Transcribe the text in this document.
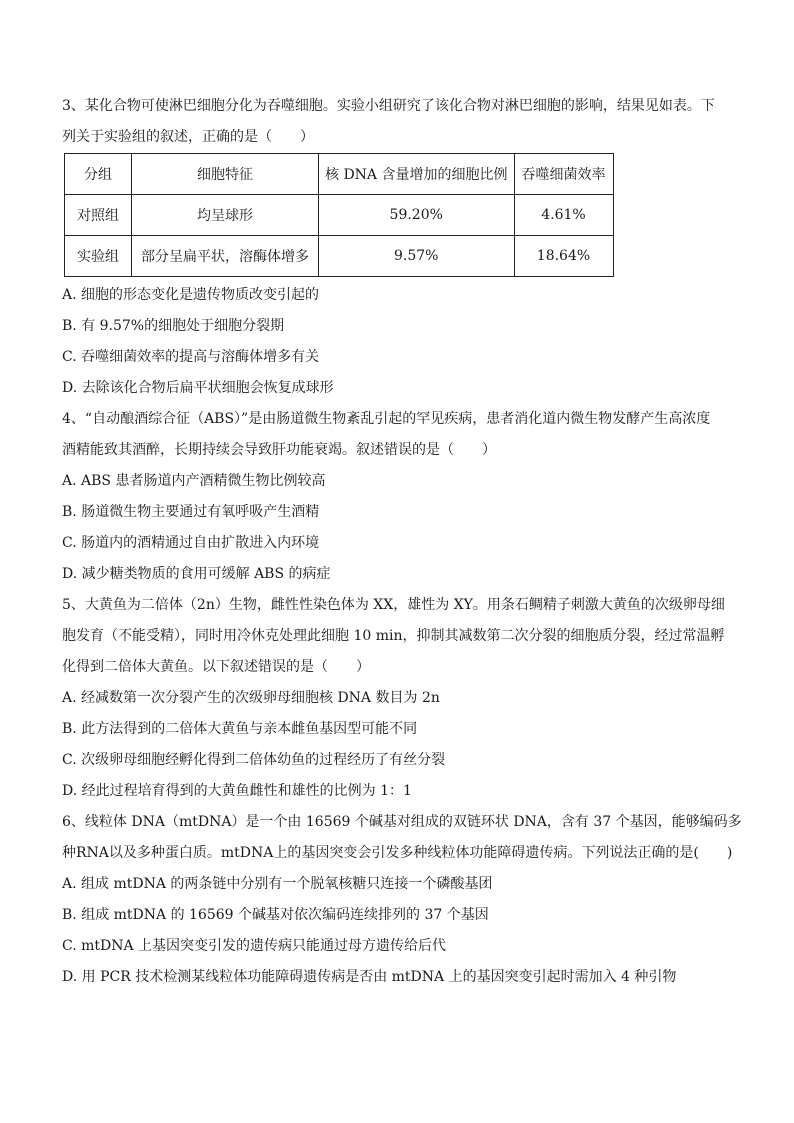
3、某化合物可使淋巴细胞分化为吞噬细胞。实验小组研究了该化合物对淋巴细胞的影响，结果见如表。下
列关于实验组的叙述，正确的是（　　）
分组	细胞特征	核 DNA 含量增加的细胞比例	吞噬细菌效率
对照组	均呈球形	59.20%	4.61%
实验组	部分呈扁平状，溶酶体增多	9.57%	18.64%
A. 细胞的形态变化是遗传物质改变引起的
B. 有 9.57%的细胞处于细胞分裂期
C. 吞噬细菌效率的提高与溶酶体增多有关
D. 去除该化合物后扁平状细胞会恢复成球形
4、“自动酿酒综合征（ABS）”是由肠道微生物紊乱引起的罕见疾病，患者消化道内微生物发酵产生高浓度
酒精能致其酒醉，长期持续会导致肝功能衰竭。叙述错误的是（　　）
A. ABS 患者肠道内产酒精微生物比例较高
B. 肠道微生物主要通过有氧呼吸产生酒精
C. 肠道内的酒精通过自由扩散进入内环境
D. 减少糖类物质的食用可缓解 ABS 的病症
5、大黄鱼为二倍体（2n）生物，雌性性染色体为 XX，雄性为 XY。用条石鲷精子刺激大黄鱼的次级卵母细
胞发育（不能受精），同时用冷休克处理此细胞 10 min，抑制其减数第二次分裂的细胞质分裂，经过常温孵
化得到二倍体大黄鱼。以下叙述错误的是（　　）
A. 经减数第一次分裂产生的次级卵母细胞核 DNA 数目为 2n
B. 此方法得到的二倍体大黄鱼与亲本雌鱼基因型可能不同
C. 次级卵母细胞经孵化得到二倍体幼鱼的过程经历了有丝分裂
D. 经此过程培育得到的大黄鱼雌性和雄性的比例为 1：1
6、线粒体 DNA（mtDNA）是一个由 16569 个碱基对组成的双链环状 DNA，含有 37 个基因，能够编码多
种RNA以及多种蛋白质。mtDNA上的基因突变会引发多种线粒体功能障碍遗传病。下列说法正确的是(　　)
A. 组成 mtDNA 的两条链中分别有一个脱氧核糖只连接一个磷酸基团
B. 组成 mtDNA 的 16569 个碱基对依次编码连续排列的 37 个基因
C. mtDNA 上基因突变引发的遗传病只能通过母方遗传给后代
D. 用 PCR 技术检测某线粒体功能障碍遗传病是否由 mtDNA 上的基因突变引起时需加入 4 种引物
